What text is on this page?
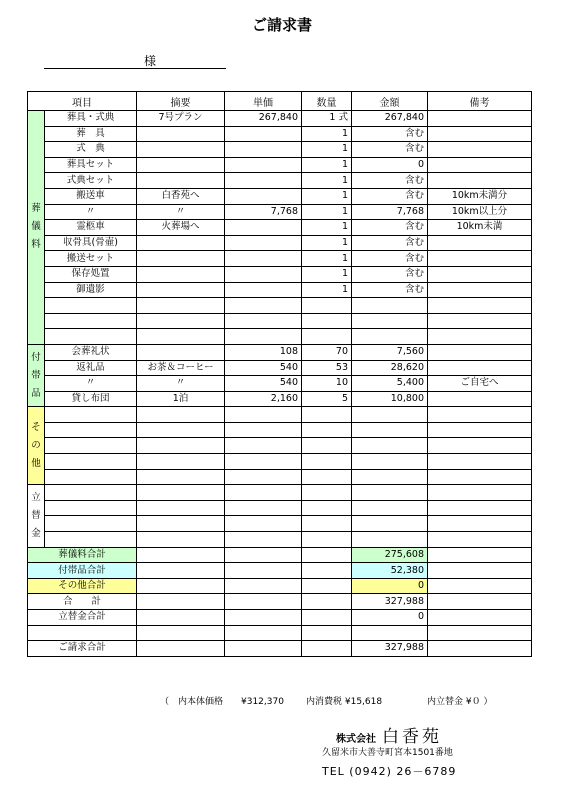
ご請求書
様
項目		摘要	単価	数量	金額	備考
葬 儀 料	葬具・式典	7号プラン	267,840	1 式	267,840	
	葬　具			1	含む	
	式　典			1	含む	
	葬具セット			1	0	
	式典セット			1	含む	
	搬送車	白香苑へ		1	含む	10km未満分
	〃	〃	7,768	1	7,768	10km以上分
	霊柩車	火葬場へ		1	含む	10km未満
	収骨具(骨壷)			1	含む	
	搬送セット			1	含む	
	保存処置			1	含む	
	御遺影			1	含む	

付 帯 品	会葬礼状		108	70	7,560	
	返礼品	お茶＆コーヒー	540	53	28,620	
	〃	〃	540	10	5,400	ご自宅へ
	貸し布団	1泊	2,160	5	10,800	
そ の 他						

立 替 金						

葬儀料合計					275,608	
付帯品合計					52,380	
その他合計					0	
合　　計					327,988	
立替金合計					0	

ご請求合計					327,988	
（　内本体価格　　¥312,370 内消費税 ¥15,618	内立替金 ¥０ ）
株式会社 白香苑
久留米市大善寺町宮本1501番地
TEL (0942) 26－6789
